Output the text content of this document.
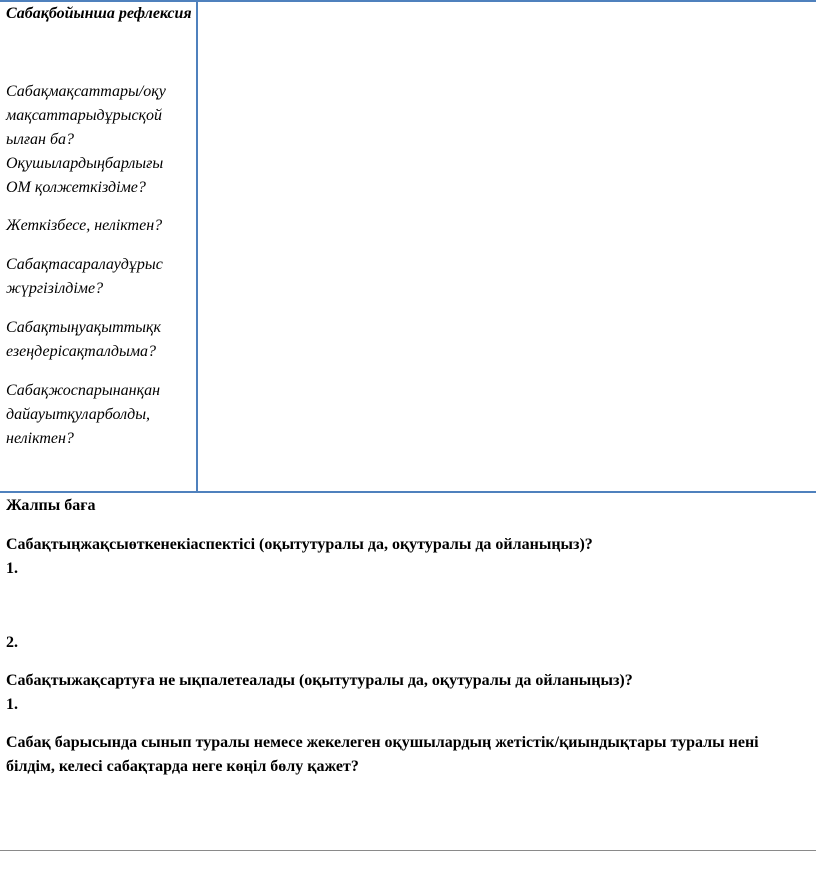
Сабақбойынша рефлексия

Сабақмақсаттары/оқу мақсаттарыдұрысқой ылған ба? Оқушылардыңбарлығы ОМ қолжеткіздіме?

Жеткізбесе, неліктен?

Сабақтасаралаудұрыс жүргізілдіме?

Сабақтыңуақыттықк езеңдерісақталдыма?

Сабақжоспарынанқан дайауытқуларболды, неліктен?

Жалпы баға

Сабақтыңжақсыөткенекіаспектісі (оқытутуралы да, оқутуралы да ойланыңыз)?

1.

2.

Сабақтыжақсартуға не ықпалетеалады (оқытутуралы да, оқутуралы да ойланыңыз)?

1.

Сабақ барысында сынып туралы немесе жекелеген оқушылардың жетістік/қиындықтары туралы нені білдім, келесі сабақтарда неге көңіл бөлу қажет?
